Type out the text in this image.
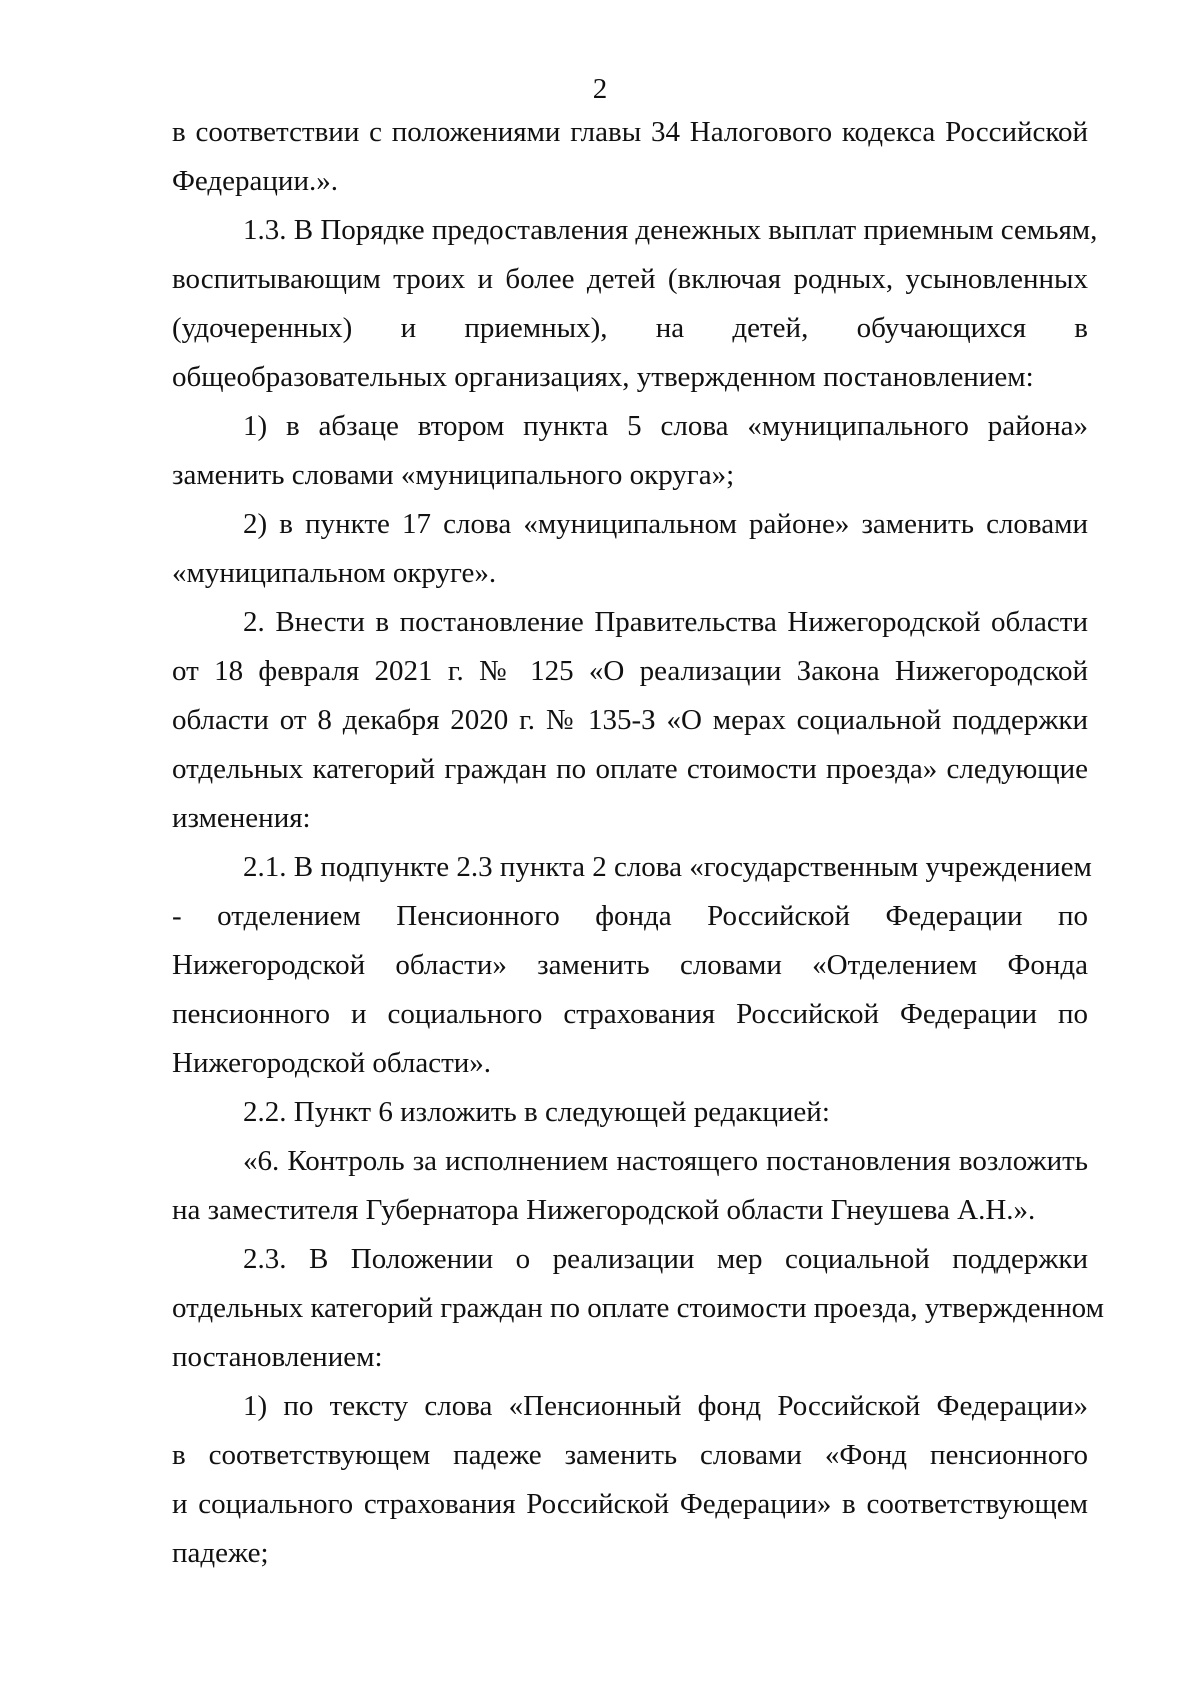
2
в соответствии с положениями главы 34 Налогового кодекса Российской
Федерации.».
1.3. В Порядке предоставления денежных выплат приемным семьям,
воспитывающим троих и более детей (включая родных, усыновленных
(удочеренных) и приемных), на детей, обучающихся в
общеобразовательных организациях, утвержденном постановлением:
1) в абзаце втором пункта 5 слова «муниципального района»
заменить словами «муниципального округа»;
2) в пункте 17 слова «муниципальном районе» заменить словами
«муниципальном округе».
2. Внести в постановление Правительства Нижегородской области
от 18 февраля 2021 г. № 125 «О реализации Закона Нижегородской
области от 8 декабря 2020 г. № 135-З «О мерах социальной поддержки
отдельных категорий граждан по оплате стоимости проезда» следующие
изменения:
2.1. В подпункте 2.3 пункта 2 слова «государственным учреждением
- отделением Пенсионного фонда Российской Федерации по
Нижегородской области» заменить словами «Отделением Фонда
пенсионного и социального страхования Российской Федерации по
Нижегородской области».
2.2. Пункт 6 изложить в следующей редакцией:
«6. Контроль за исполнением настоящего постановления возложить
на заместителя Губернатора Нижегородской области Гнеушева А.Н.».
2.3. В Положении о реализации мер социальной поддержки
отдельных категорий граждан по оплате стоимости проезда, утвержденном
постановлением:
1) по тексту слова «Пенсионный фонд Российской Федерации»
в соответствующем падеже заменить словами «Фонд пенсионного
и социального страхования Российской Федерации» в соответствующем
падеже;
